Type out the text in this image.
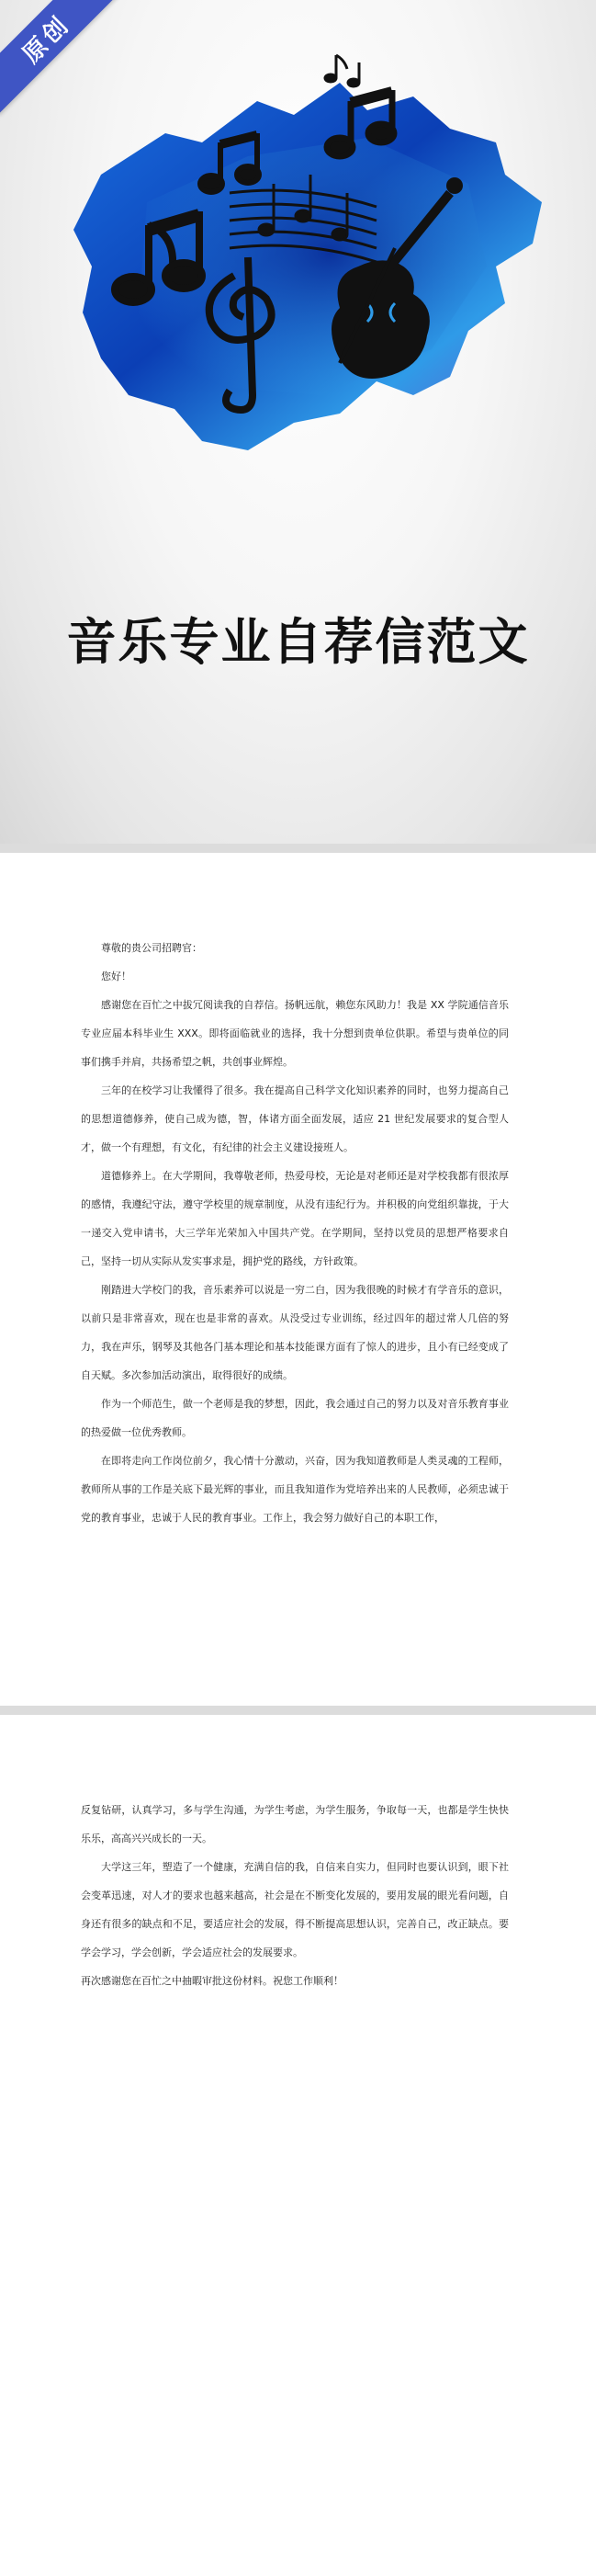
原创
音乐专业自荐信范文

尊敬的贵公司招聘官：

您好！

感谢您在百忙之中拔冗阅读我的自荐信。扬帆远航，赖您东风助力！我是 XX 学院通信音乐专业应届本科毕业生 XXX。即将面临就业的选择，我十分想到贵单位供职。希望与贵单位的同事们携手并肩，共扬希望之帆，共创事业辉煌。

三年的在校学习让我懂得了很多。我在提高自己科学文化知识素养的同时，也努力提高自己的思想道德修养，使自己成为德，智，体诸方面全面发展，适应 21 世纪发展要求的复合型人才，做一个有理想，有文化，有纪律的社会主义建设接班人。

道德修养上。在大学期间，我尊敬老师，热爱母校，无论是对老师还是对学校我都有很浓厚的感情，我遵纪守法，遵守学校里的规章制度，从没有违纪行为。并积极的向党组织靠拢，于大一递交入党申请书，大三学年光荣加入中国共产党。在学期间，坚持以党员的思想严格要求自己，坚持一切从实际从发实事求是，拥护党的路线，方针政策。

刚踏进大学校门的我，音乐素养可以说是一穷二白，因为我很晚的时候才有学音乐的意识，以前只是非常喜欢，现在也是非常的喜欢。从没受过专业训练，经过四年的超过常人几倍的努力，我在声乐，钢琴及其他各门基本理论和基本技能课方面有了惊人的进步，且小有已经变成了自天赋。多次参加活动演出，取得很好的成绩。

作为一个师范生，做一个老师是我的梦想，因此，我会通过自己的努力以及对音乐教育事业的热爱做一位优秀教师。

在即将走向工作岗位前夕，我心情十分激动，兴奋，因为我知道教师是人类灵魂的工程师，教师所从事的工作是关底下最光辉的事业，而且我知道作为党培养出来的人民教师，必须忠诚于党的教育事业，忠诚于人民的教育事业。工作上，我会努力做好自己的本职工作，

反复钻研，认真学习，多与学生沟通，为学生考虑，为学生服务，争取每一天，也都是学生快快乐乐，高高兴兴成长的一天。

大学这三年，塑造了一个健康，充满自信的我，自信来自实力，但同时也要认识到，眼下社会变革迅速，对人才的要求也越来越高，社会是在不断变化发展的，要用发展的眼光看问题，自身还有很多的缺点和不足，要适应社会的发展，得不断提高思想认识，完善自己，改正缺点。要学会学习，学会创新，学会适应社会的发展要求。

再次感谢您在百忙之中抽暇审批这份材料。祝您工作顺利！
